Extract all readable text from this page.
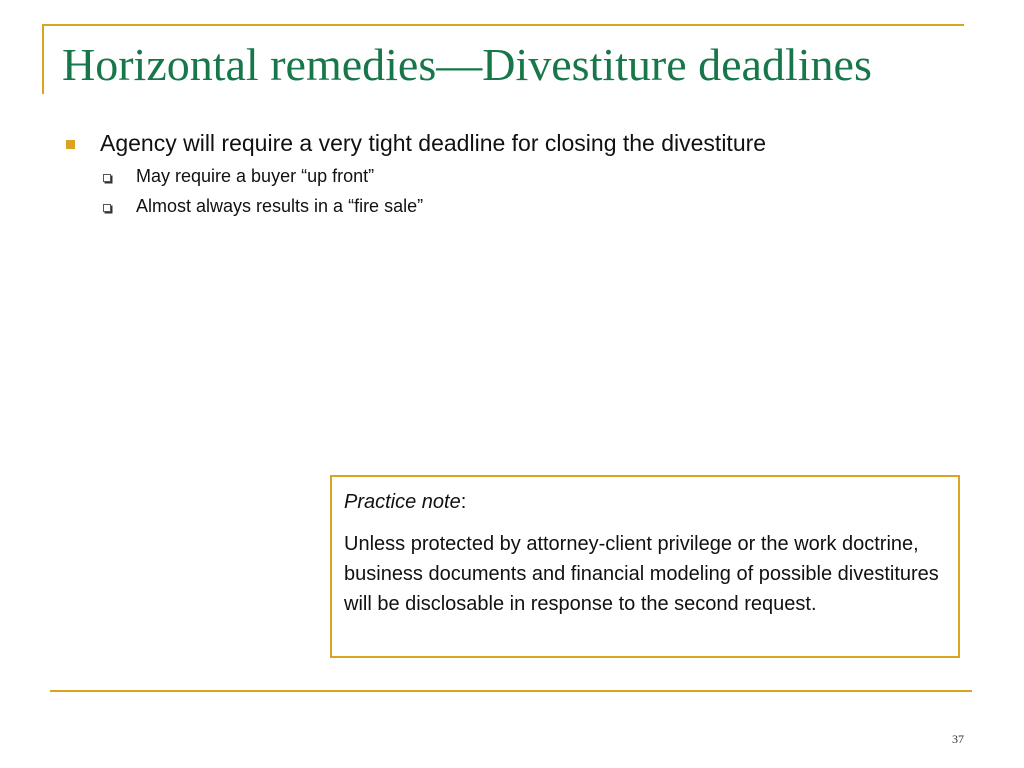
Horizontal remedies—Divestiture deadlines
Agency will require a very tight deadline for closing the divestiture
May require a buyer “up front”
Almost always results in a “fire sale”
Practice note:
Unless protected by attorney-client privilege or the work doctrine, business documents and financial modeling of possible divestitures will be disclosable in response to the second request.
37
